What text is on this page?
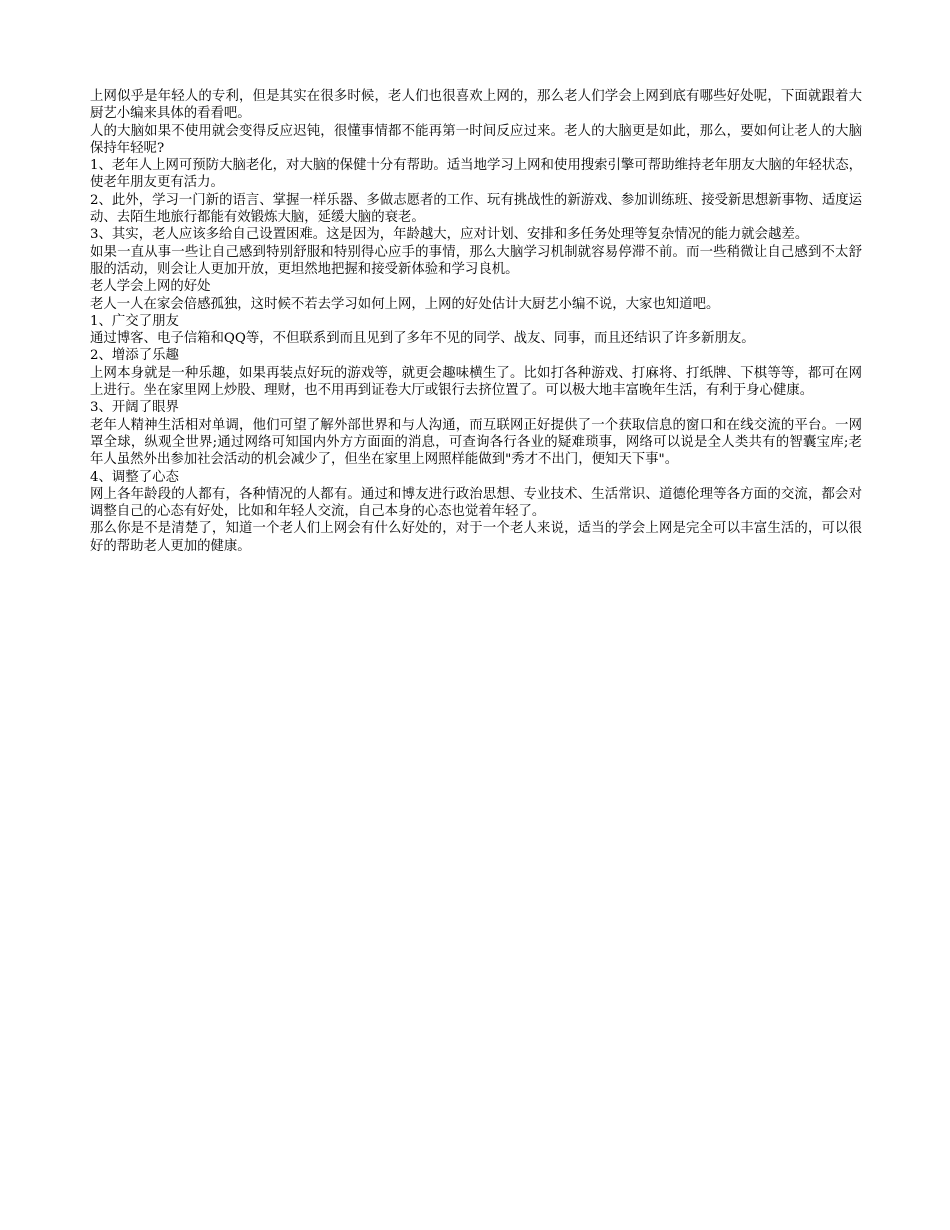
上网似乎是年轻人的专利，但是其实在很多时候，老人们也很喜欢上网的，那么老人们学会上网到底有哪些好处呢，下面就跟着大厨艺小编来具体的看看吧。

人的大脑如果不使用就会变得反应迟钝，很懂事情都不能再第一时间反应过来。老人的大脑更是如此，那么，要如何让老人的大脑保持年轻呢?

1、老年人上网可预防大脑老化，对大脑的保健十分有帮助。适当地学习上网和使用搜索引擎可帮助维持老年朋友大脑的年轻状态，使老年朋友更有活力。

2、此外，学习一门新的语言、掌握一样乐器、多做志愿者的工作、玩有挑战性的新游戏、参加训练班、接受新思想新事物、适度运动、去陌生地旅行都能有效锻炼大脑，延缓大脑的衰老。

3、其实，老人应该多给自己设置困难。这是因为，年龄越大，应对计划、安排和多任务处理等复杂情况的能力就会越差。

如果一直从事一些让自己感到特别舒服和特别得心应手的事情，那么大脑学习机制就容易停滞不前。而一些稍微让自己感到不太舒服的活动，则会让人更加开放，更坦然地把握和接受新体验和学习良机。

老人学会上网的好处

老人一人在家会倍感孤独，这时候不若去学习如何上网，上网的好处估计大厨艺小编不说，大家也知道吧。

1、广交了朋友

通过博客、电子信箱和QQ等，不但联系到而且见到了多年不见的同学、战友、同事，而且还结识了许多新朋友。

2、增添了乐趣

上网本身就是一种乐趣，如果再装点好玩的游戏等，就更会趣味横生了。比如打各种游戏、打麻将、打纸牌、下棋等等，都可在网上进行。坐在家里网上炒股、理财，也不用再到证卷大厅或银行去挤位置了。可以极大地丰富晚年生活，有利于身心健康。

3、开阔了眼界

老年人精神生活相对单调，他们可望了解外部世界和与人沟通，而互联网正好提供了一个获取信息的窗口和在线交流的平台。一网罩全球，纵观全世界;通过网络可知国内外方方面面的消息，可查询各行各业的疑难琐事，网络可以说是全人类共有的智囊宝库;老年人虽然外出参加社会活动的机会减少了，但坐在家里上网照样能做到"秀才不出门，便知天下事"。

4、调整了心态

网上各年龄段的人都有，各种情况的人都有。通过和博友进行政治思想、专业技术、生活常识、道德伦理等各方面的交流，都会对调整自己的心态有好处，比如和年轻人交流，自己本身的心态也觉着年轻了。

那么你是不是清楚了，知道一个老人们上网会有什么好处的，对于一个老人来说，适当的学会上网是完全可以丰富生活的，可以很好的帮助老人更加的健康。
